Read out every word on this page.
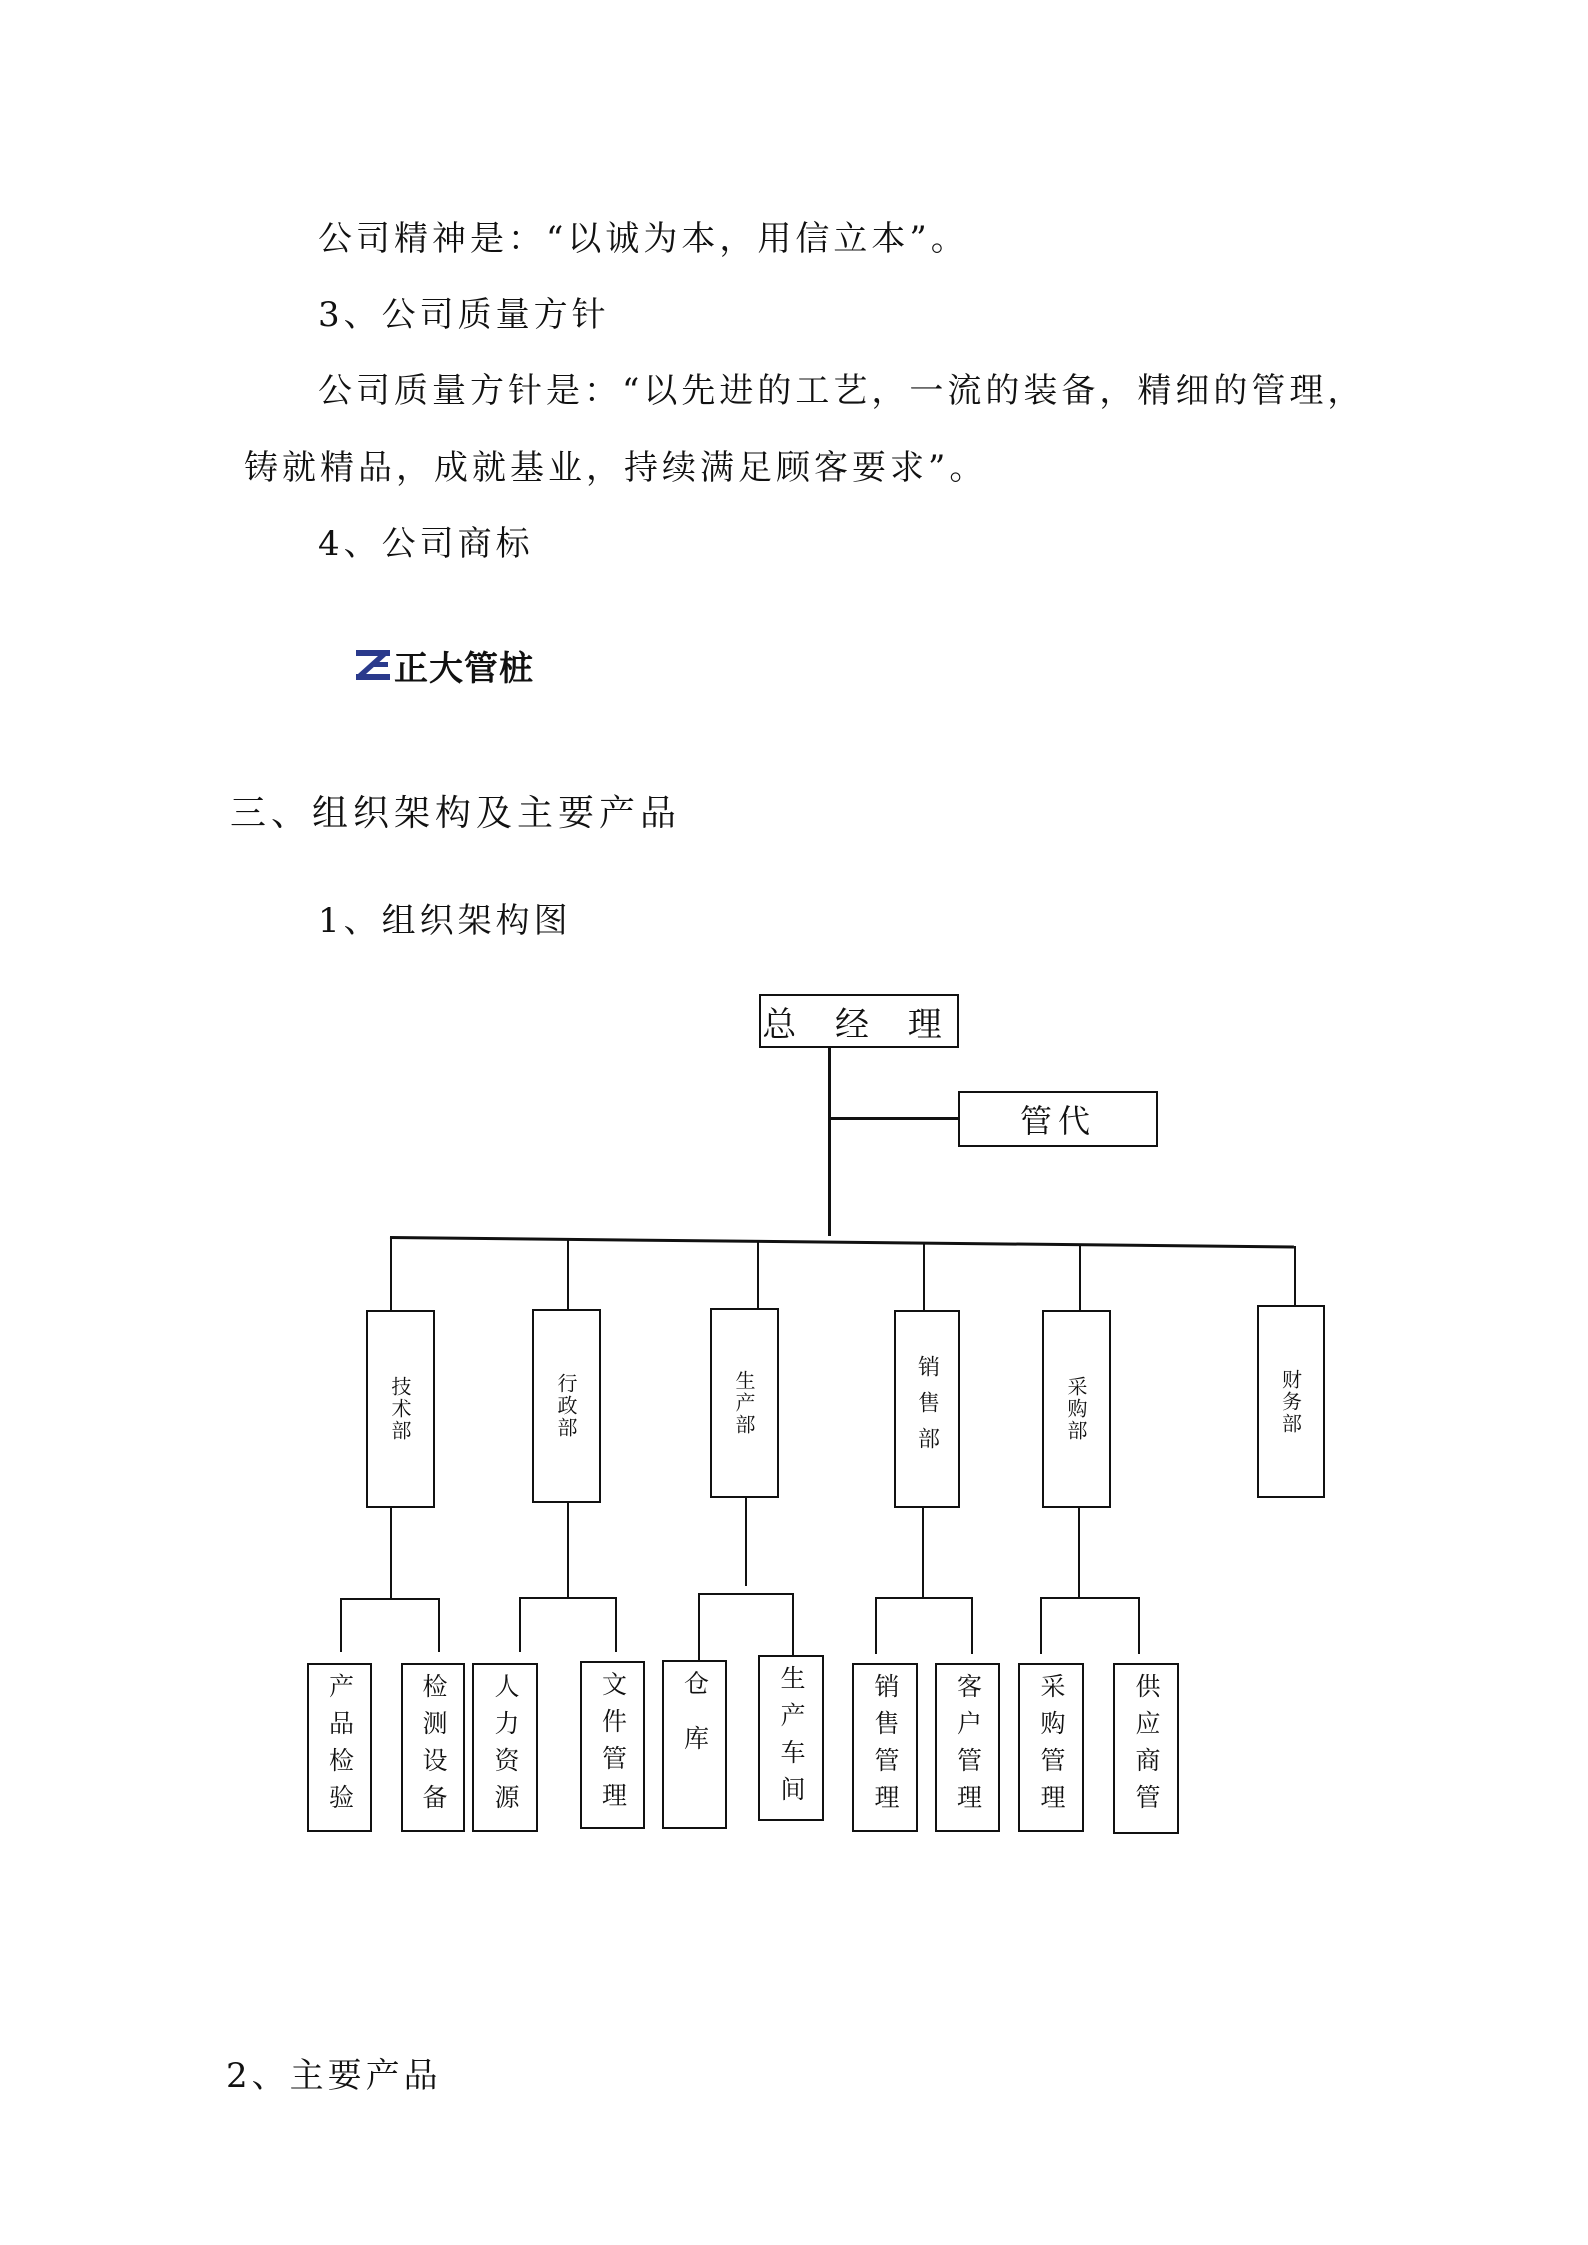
公司精神是：“以诚为本，用信立本”。
3、公司质量方针
公司质量方针是：“以先进的工艺，一流的装备，精细的管理，
铸就精品，成就基业，持续满足顾客要求”。
4、公司商标
正大管桩
三、组织架构及主要产品
1、组织架构图
2、主要产品
总 经 理
管代
技术部	行政部	生产部	销售部	采购部	财务部
产品检验	检测设备 人力资源	文件管理 仓库	生产车间	销售管理 客户管理 采购管理	供应商管
